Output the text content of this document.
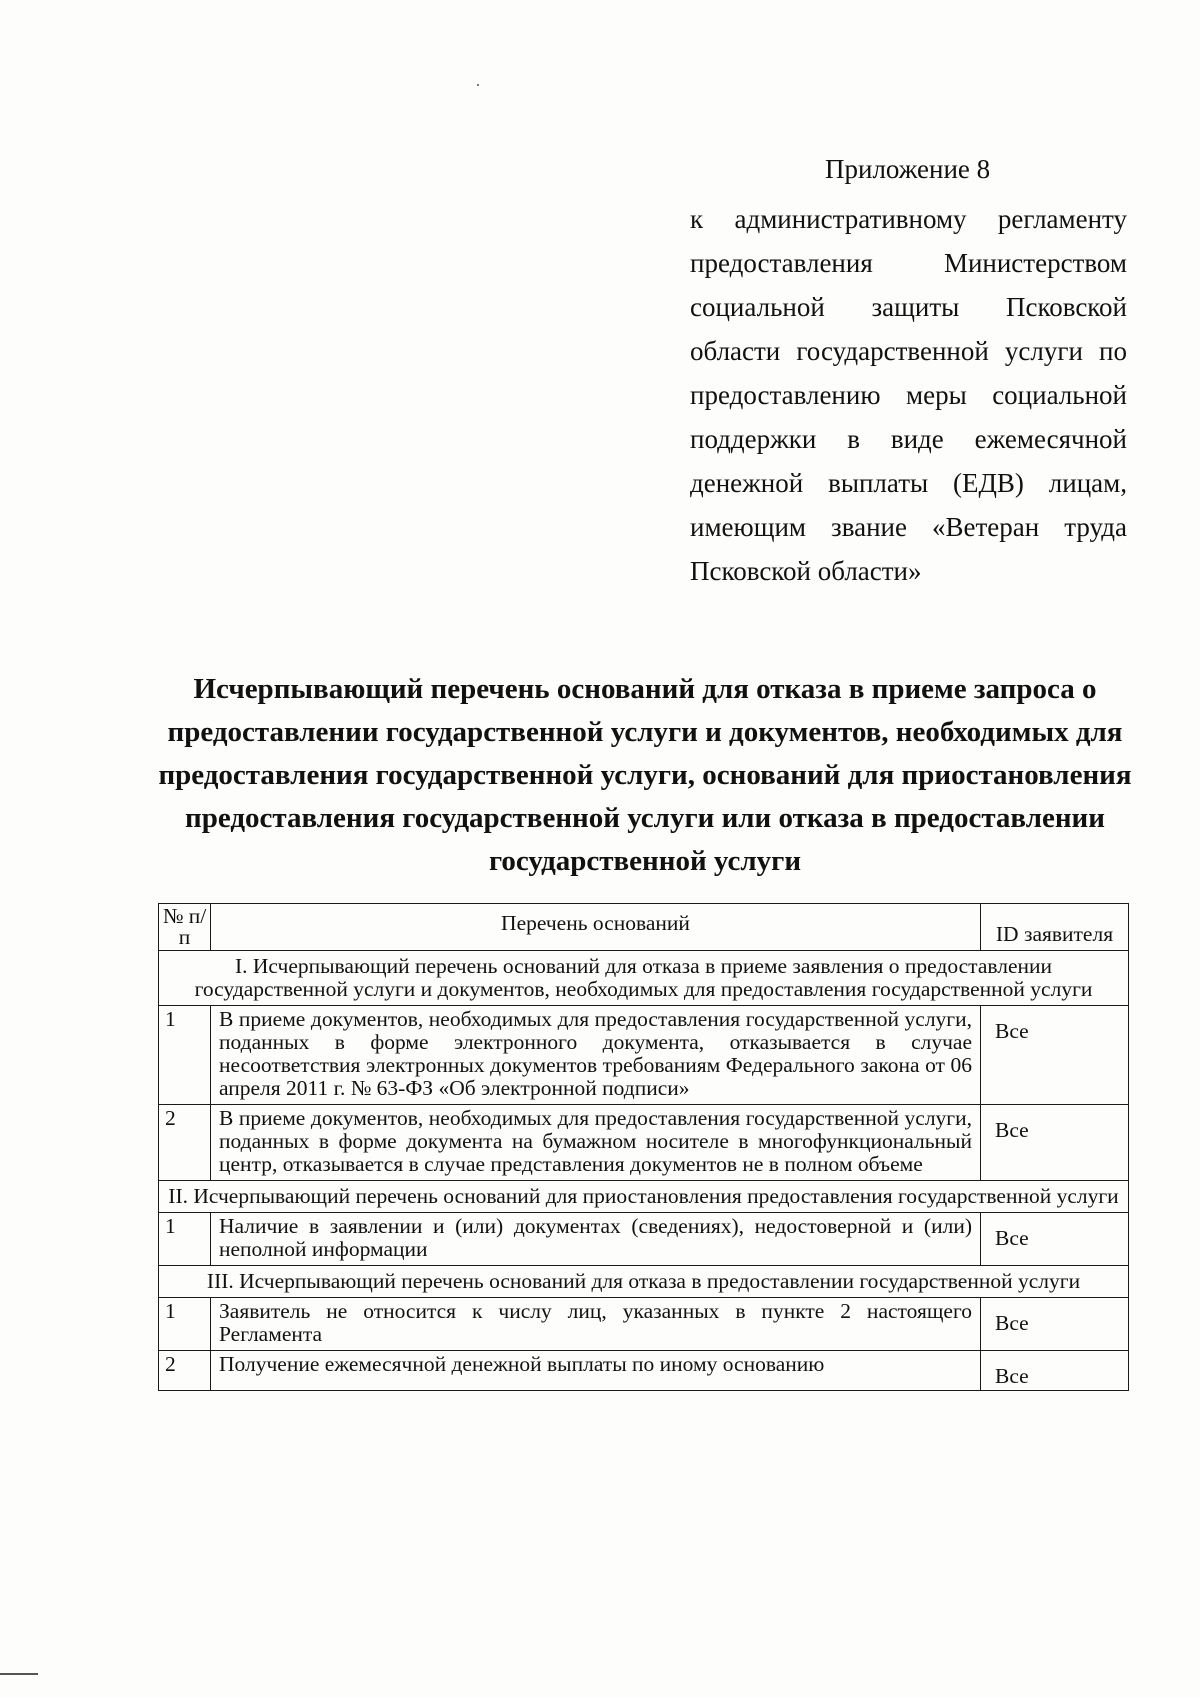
Приложение 8

к административному регламенту предоставления Министерством социальной защиты Псковской области государственной услуги по предоставлению меры социальной поддержки в виде ежемесячной денежной выплаты (ЕДВ) лицам, имеющим звание «Ветеран труда Псковской области»

Исчерпывающий перечень оснований для отказа в приеме запроса о предоставлении государственной услуги и документов, необходимых для предоставления государственной услуги, оснований для приостановления предоставления государственной услуги или отказа в предоставлении государственной услуги
№ п/п	Перечень оснований	ID заявителя
I. Исчерпывающий перечень оснований для отказа в приеме заявления о предоставлении государственной услуги и документов, необходимых для предоставления государственной услуги		
1	В приеме документов, необходимых для предоставления государственной услуги, поданных в форме электронного документа, отказывается в случае несоответствия электронных документов требованиям Федерального закона от 06 апреля 2011 г. № 63-ФЗ «Об электронной подписи»	Все
2	В приеме документов, необходимых для предоставления государственной услуги, поданных в форме документа на бумажном носителе в многофункциональный центр, отказывается в случае представления документов не в полном объеме	Все
II. Исчерпывающий перечень оснований для приостановления предоставления государственной услуги		
1	Наличие в заявлении и (или) документах (сведениях), недостоверной и (или) неполной информации	Все
III. Исчерпывающий перечень оснований для отказа в предоставлении государственной услуги		
1	Заявитель не относится к числу лиц, указанных в пункте 2 настоящего Регламента	Все
2	Получение ежемесячной денежной выплаты по иному основанию	Все
